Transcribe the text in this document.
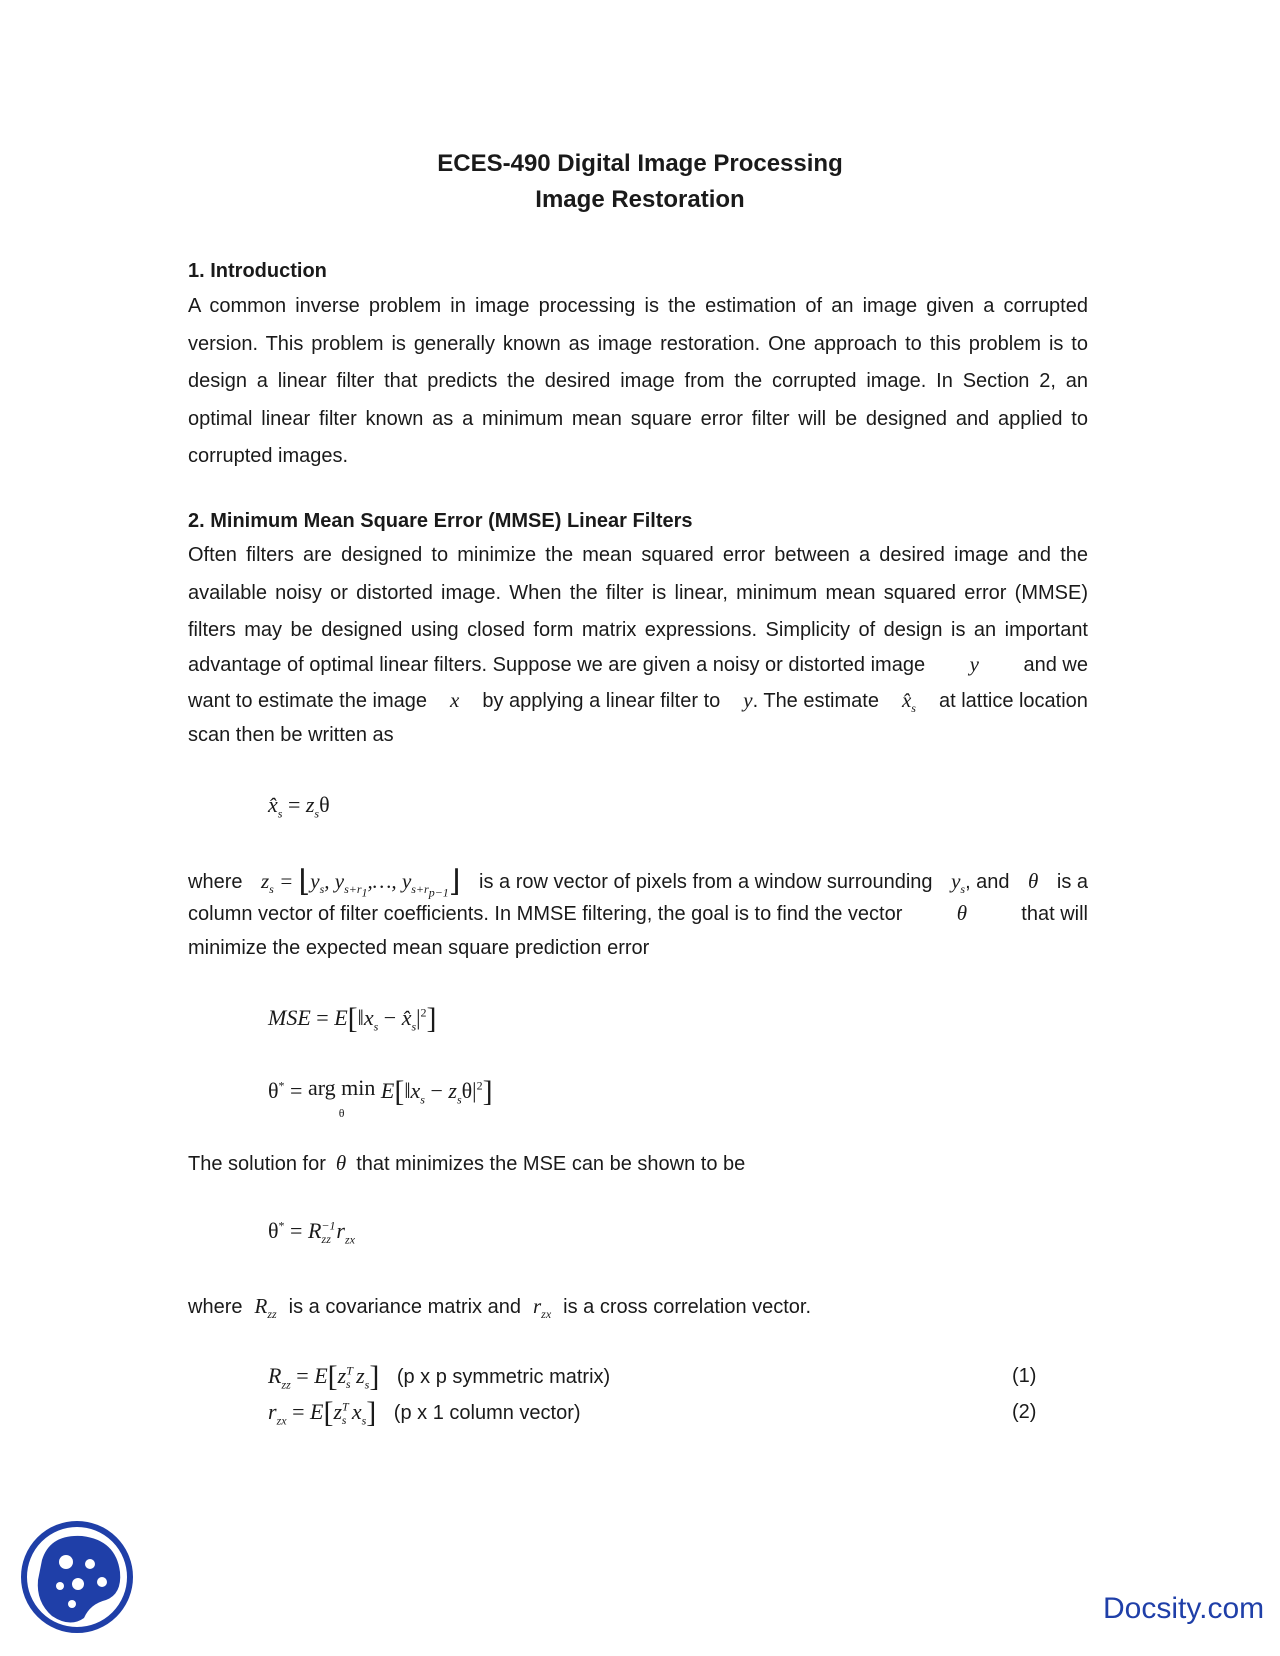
ECES-490 Digital Image Processing
Image Restoration
1. Introduction
A common inverse problem in image processing is the estimation of an image given a corrupted version. This problem is generally known as image restoration. One approach to this problem is to design a linear filter that predicts the desired image from the corrupted image. In Section 2, an optimal linear filter known as a minimum mean square error filter will be designed and applied to corrupted images.
2. Minimum Mean Square Error (MMSE) Linear Filters
Often filters are designed to minimize the mean squared error between a desired image and the
available noisy or distorted image. When the filter is linear, minimum mean squared error (MMSE)
filters may be designed using closed form matrix expressions. Simplicity of design is an important
advantage of optimal linear filters. Suppose we are given a noisy or distorted image y and we
want to estimate the image x by applying a linear filter to y. The estimate $x̂_s$ at lattice location
scan then be written as
$x̂_s = z_s\theta$
where $z_s$ = $⌊y_s$, $y_{s+r_1},\dots$, $y_{s+r_{p-1}}⌋$ is a row vector of pixels from a window surrounding $y_s$, and θ is a
column vector of filter coefficients. In MMSE filtering, the goal is to find the vector	θ	that will
minimize the expected mean square prediction error
MSE = $E[‖x_s$ − $x̂_s|^2$]
θ* = arg min
θ
$E[‖x_s - z_s\theta|^2]$
The solution for θ that minimizes the MSE can be shown to be
$\theta^* = R^{-1}_{zz}$ $r_{zx}$
where $R_{zz}$ is a covariance matrix and $r_{zx}$ is a cross correlation vector.
$R_{zz} = E[z^T_s$ $z_s$] (p x p symmetric matrix)	(1)
$r_{zx} = E[z^T_s$ $x_s$] (p x 1 column vector)	(2)
Docsity.com
